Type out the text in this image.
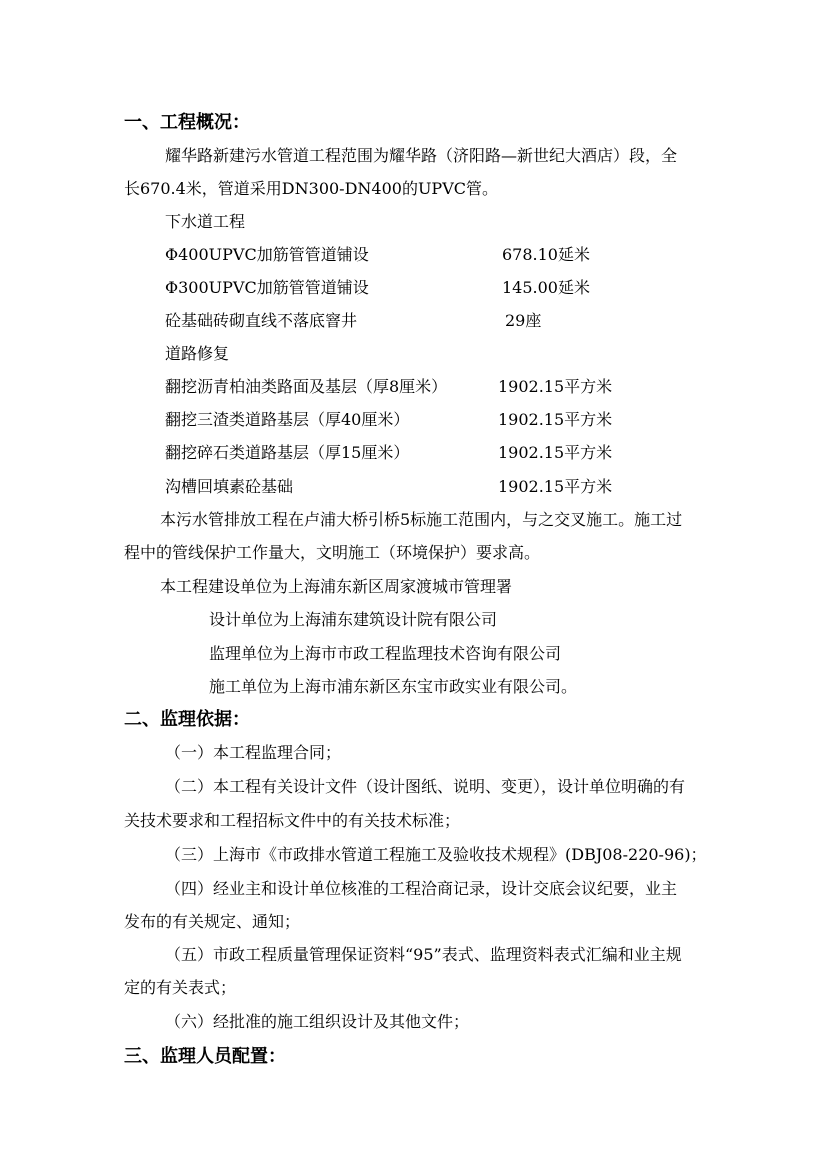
一、工程概况：
耀华路新建污水管道工程范围为耀华路（济阳路—新世纪大酒店）段，全
长670.4米，管道采用DN300-DN400的UPVC管。
下水道工程
Φ400UPVC加筋管管道铺设	678.10延米
Φ300UPVC加筋管管道铺设	145.00延米
砼基础砖砌直线不落底窨井	29座
道路修复
翻挖沥青柏油类路面及基层（厚8厘米）	1902.15平方米
翻挖三渣类道路基层（厚40厘米）	1902.15平方米
翻挖碎石类道路基层（厚15厘米）	1902.15平方米
沟槽回填素砼基础	1902.15平方米
本污水管排放工程在卢浦大桥引桥5标施工范围内，与之交叉施工。施工过
程中的管线保护工作量大，文明施工（环境保护）要求高。
本工程建设单位为上海浦东新区周家渡城市管理署
设计单位为上海浦东建筑设计院有限公司
监理单位为上海市市政工程监理技术咨询有限公司
施工单位为上海市浦东新区东宝市政实业有限公司。
二、监理依据：
（一）本工程监理合同；
（二）本工程有关设计文件（设计图纸、说明、变更），设计单位明确的有
关技术要求和工程招标文件中的有关技术标准；
（三）上海市《市政排水管道工程施工及验收技术规程》(DBJ08-220-96)；
（四）经业主和设计单位核准的工程洽商记录，设计交底会议纪要，业主
发布的有关规定、通知；
（五）市政工程质量管理保证资料“95”表式、监理资料表式汇编和业主规
定的有关表式；
（六）经批准的施工组织设计及其他文件；
三、监理人员配置：
